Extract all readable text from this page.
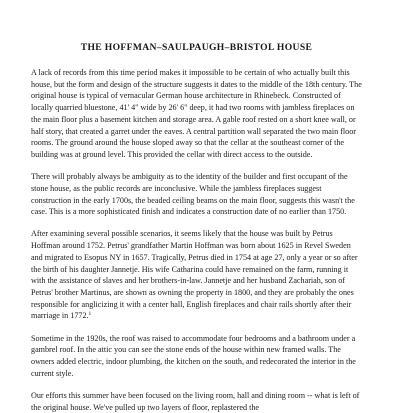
THE HOFFMAN–SAULPAUGH–BRISTOL HOUSE

A lack of records from this time period makes it impossible to be certain of who actually built this house, but the form and design of the structure suggests it dates to the middle of the 18th century. The original house is typical of vernacular German house architecture in Rhinebeck. Constructed of locally quarried bluestone, 41' 4" wide by 26' 6" deep, it had two rooms with jambless fireplaces on the main floor plus a basement kitchen and storage area. A gable roof rested on a short knee wall, or half story, that created a garret under the eaves. A central partition wall separated the two main floor rooms. The ground around the house sloped away so that the cellar at the southeast corner of the building was at ground level. This provided the cellar with direct access to the outside.

There will probably always be ambiguity as to the identity of the builder and first occupant of the stone house, as the public records are inconclusive. While the jambless fireplaces suggest construction in the early 1700s, the beaded ceiling beams on the main floor, suggests this wasn't the case. This is a more sophisticated finish and indicates a construction date of no earlier than 1750.

After examining several possible scenarios, it seems likely that the house was built by Petrus Hoffman around 1752. Petrus' grandfather Martin Hoffman was born about 1625 in Revel Sweden and migrated to Esopus NY in 1657. Tragically, Petrus died in 1754 at age 27, only a year or so after the birth of his daughter Jannetje. His wife Catharina could have remained on the farm, running it with the assistance of slaves and her brothers-in-law. Jannetje and her husband Zachariah, son of Petrus' brother Martinus, are shown as owning the property in 1800, and they are probably the ones responsible for anglicizing it with a center hall, English fireplaces and chair rails shortly after their marriage in 1772.$^1$

Sometime in the 1920s, the roof was raised to accommodate four bedrooms and a bathroom under a gambrel roof. In the attic you can see the stone ends of the house within new framed walls. The owners added electric, indoor plumbing, the kitchen on the south, and redecorated the interior in the current style.

Our efforts this summer have been focused on the living room, hall and dining room -- what is left of the original house. We've pulled up two layers of floor, replastered the
